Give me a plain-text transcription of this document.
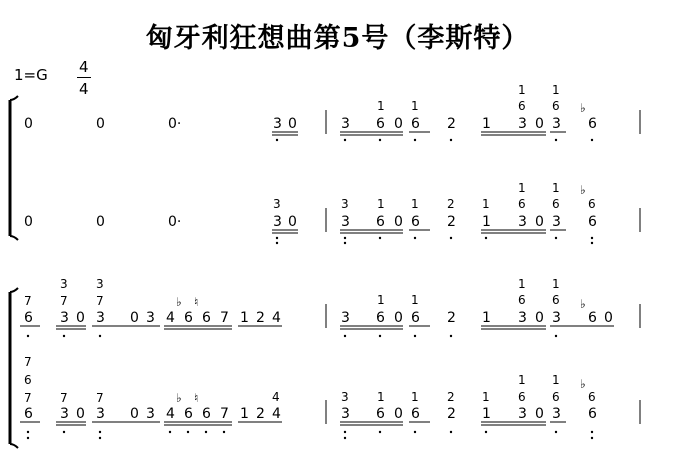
匈牙利狂想曲第5号（李斯特）
1=G 4
4
0	0	0·	3 0	3 6 0
1
6
1
2 1 3 0
6
1
3
6
1
♭
6
0	0	0·	3
3
0	3
3
6
1
0 6
1
2
2
1
1
3
6
1
0 3
6
1 ♭
6
6
6
7
3
7
3
0 3
7
3
0 3 4
♭
6
♮
6 7 1 2 4	3 6
1
0 6
1
2 1 3
6
1
0 3
6
1
♭
6 0
6
7
6
7
3
7
0 3
7
0 3 4
♭
6
♮
6 7 1 2 4
4
3
3
6
1
0 6
1
2
2
1
1
3
6
1
0 3
6
1 ♭
6
6
